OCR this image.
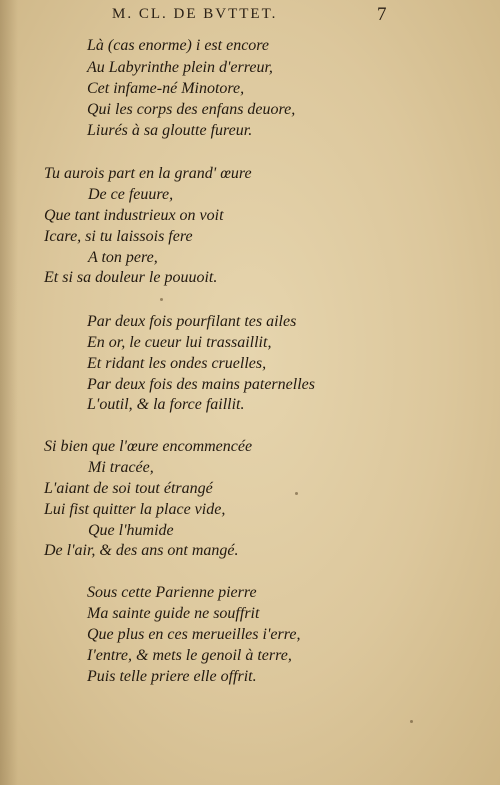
M. CL. DE BVTTET.	7

Là (cas enorme) i est encore

Au Labyrinthe plein d'erreur,

Cet infame-né Minotore,

Qui les corps des enfans deuore,

Liurés à sa gloutte fureur.

Tu aurois part en la grand' œure

De ce feuure,

Que tant industrieux on voit

Icare, si tu laissois fere

A ton pere,

Et si sa douleur le pouuoit.

Par deux fois pourfilant tes ailes

En or, le cueur lui trassaillit,

Et ridant les ondes cruelles,

Par deux fois des mains paternelles

L'outil, & la force faillit.

Si bien que l'œure encommencée

Mi tracée,

L'aiant de soi tout étrangé

Lui fist quitter la place vide,

Que l'humide

De l'air, & des ans ont mangé.

Sous cette Parienne pierre

Ma sainte guide ne souffrit

Que plus en ces merueilles i'erre,

I'entre, & mets le genoil à terre,

Puis telle priere elle offrit.
